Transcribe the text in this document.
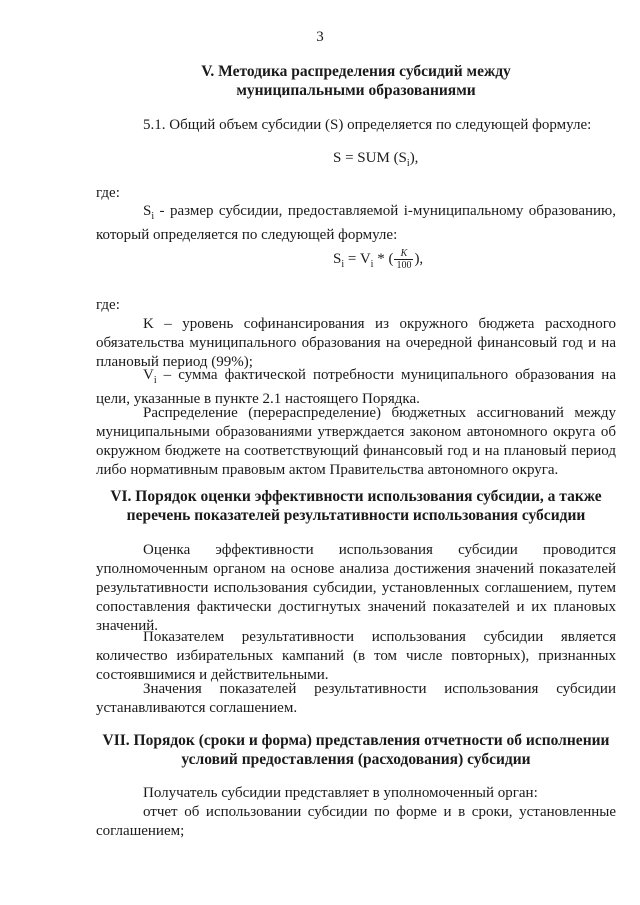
3
V. Методика распределения субсидий между
муниципальными образованиями
5.1. Общий объем субсидии (S) определяется по следующей формуле:
S = SUM $(S_i)$,
где:
$S_i$ - размер субсидии, предоставляемой i-муниципальному образованию, который определяется по следующей формуле:
$S_i = V_i$ * ( $\frac{K}{100}$ ),
где:
K – уровень софинансирования из окружного бюджета расходного обязательства муниципального образования на очередной финансовый год и на плановый период (99%);
$V_i$ – сумма фактической потребности муниципального образования на цели, указанные в пункте 2.1 настоящего Порядка.
Распределение (перераспределение) бюджетных ассигнований между муниципальными образованиями утверждается законом автономного округа об окружном бюджете на соответствующий финансовый год и на плановый период либо нормативным правовым актом Правительства автономного округа.
VI. Порядок оценки эффективности использования субсидии, а также
перечень показателей результативности использования субсидии
Оценка эффективности использования субсидии проводится уполномоченным органом на основе анализа достижения значений показателей результативности использования субсидии, установленных соглашением, путем сопоставления фактически достигнутых значений показателей и их плановых значений.
Показателем результативности использования субсидии является количество избирательных кампаний (в том числе повторных), признанных состоявшимися и действительными.
Значения показателей результативности использования субсидии устанавливаются соглашением.
VII. Порядок (сроки и форма) представления отчетности об исполнении
условий предоставления (расходования) субсидии
Получатель субсидии представляет в уполномоченный орган:
отчет об использовании субсидии по форме и в сроки, установленные соглашением;
